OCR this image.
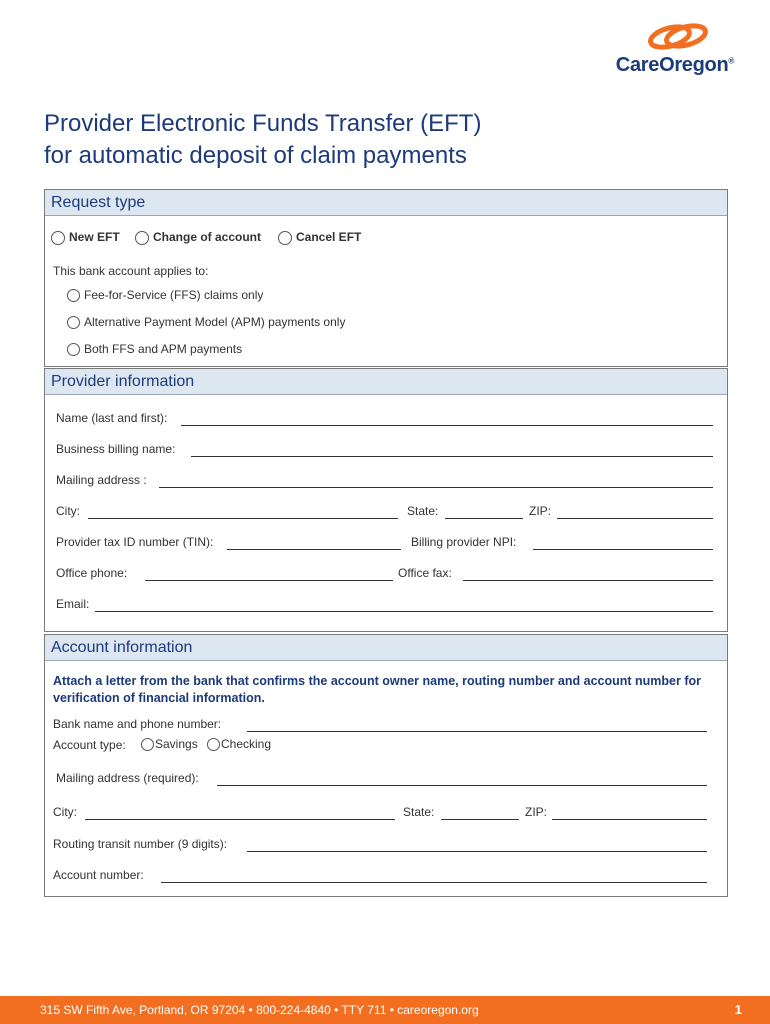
CareOregon®
Provider Electronic Funds Transfer (EFT)
for automatic deposit of claim payments
Request type
New EFT	Change of account	Cancel EFT
This bank account applies to:
Fee-for-Service (FFS) claims only
Alternative Payment Model (APM) payments only
Both FFS and APM payments
Provider information
Name (last and first):
Business billing name:
Mailing address :
City:	State:	ZIP:
Provider tax ID number (TIN):	Billing provider NPI:
Office phone:	Office fax:
Email:
Account information
Attach a letter from the bank that confirms the account owner name, routing number and account number for verification of financial information.
Bank name and phone number:
Account type:	Savings	Checking
Mailing address (required):
City:	State:	ZIP:
Routing transit number (9 digits):
Account number:
315 SW Fifth Ave, Portland, OR 97204 • 800-224-4840 • TTY 711 • careoregon.org	1
